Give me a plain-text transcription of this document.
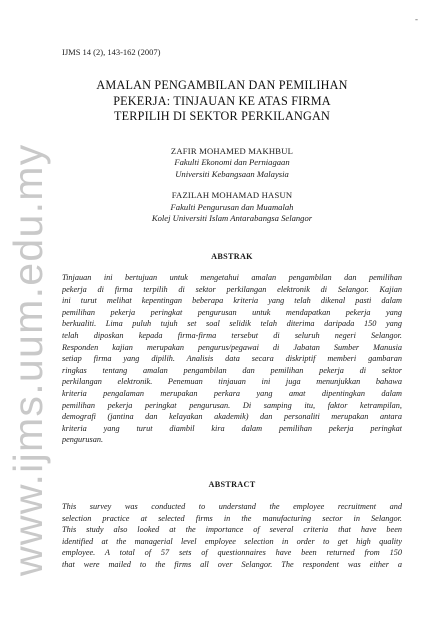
-
www.ijms.uum.edu.my
IJMS 14 (2), 143-162 (2007)
AMALAN PENGAMBILAN DAN PEMILIHAN
PEKERJA: TINJAUAN KE ATAS FIRMA
TERPILIH DI SEKTOR PERKILANGAN
ZAFIR MOHAMED MAKHBUL
Fakulti Ekonomi dan Perniagaan
Universiti Kebangsaan Malaysia
FAZILAH MOHAMAD HASUN
Fakulti Pengurusan dan Muamalah
Kolej Universiti Islam Antarabangsa Selangor
ABSTRAK
Tinjauan ini bertujuan untuk mengetahui amalan pengambilan dan pemilihan
pekerja di firma terpilih di sektor perkilangan elektronik di Selangor. Kajian
ini turut melihat kepentingan beberapa kriteria yang telah dikenal pasti dalam
pemilihan pekerja peringkat pengurusan untuk mendapatkan pekerja yang
berkualiti. Lima puluh tujuh set soal selidik telah diterima daripada 150 yang
telah diposkan kepada firma-firma tersebut di seluruh negeri Selangor.
Responden kajian merupakan pengurus/pegawai di Jabatan Sumber Manusia
setiap firma yang dipilih. Analisis data secara diskriptif memberi gambaran
ringkas tentang amalan pengambilan dan pemilihan pekerja di sektor
perkilangan elektronik. Penemuan tinjauan ini juga menunjukkan bahawa
kriteria pengalaman merupakan perkara yang amat dipentingkan dalam
pemilihan pekerja peringkat pengurusan. Di samping itu, faktor ketrampilan,
demografi (jantina dan kelayakan akademik) dan personaliti merupakan antara
kriteria yang turut diambil kira dalam pemilihan pekerja peringkat
pengurusan.
ABSTRACT
This survey was conducted to understand the employee recruitment and
selection practice at selected firms in the manufacturing sector in Selangor.
This study also looked at the importance of several criteria that have been
identified at the managerial level employee selection in order to get high quality
employee. A total of 57 sets of questionnaires have been returned from 150
that were mailed to the firms all over Selangor. The respondent was either a
